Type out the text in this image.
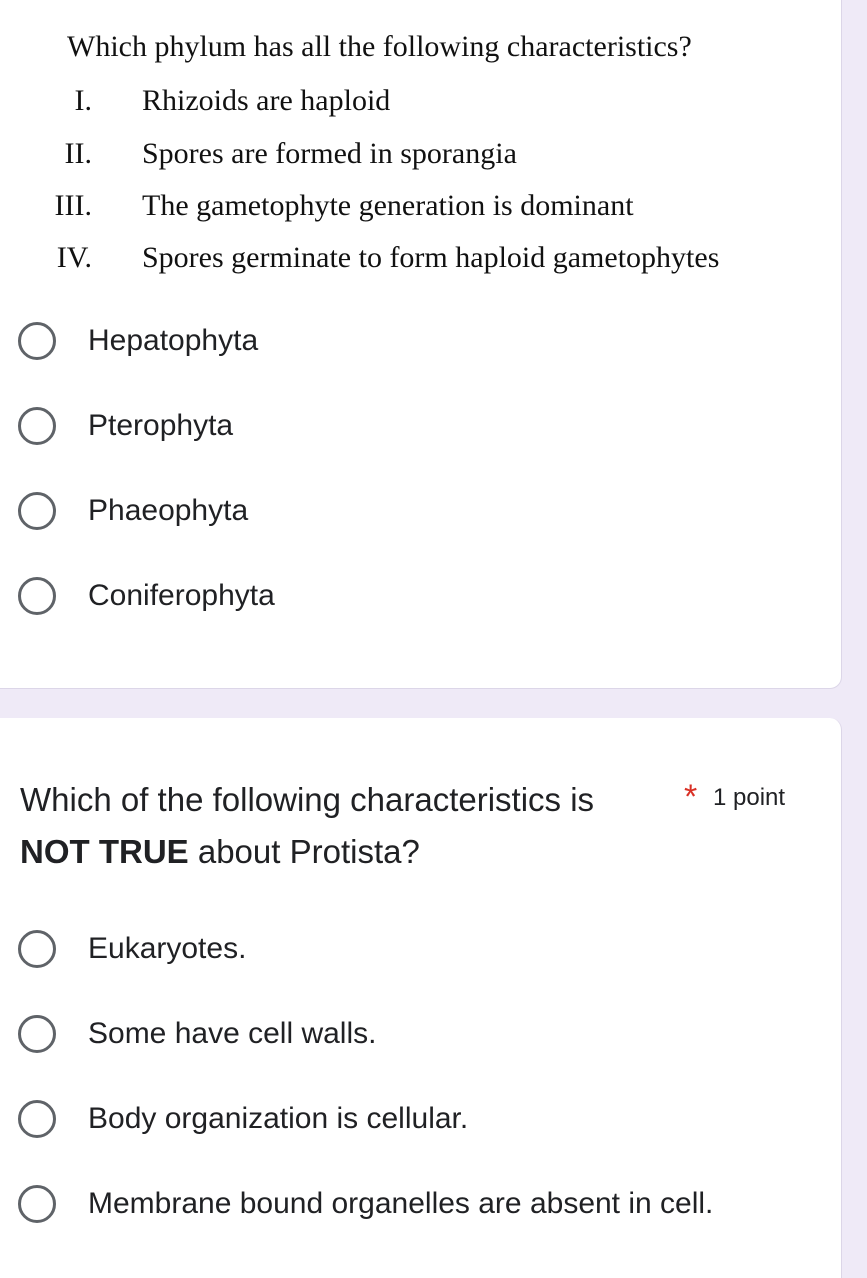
Which phylum has all the following characteristics?
I. Rhizoids are haploid
II. Spores are formed in sporangia
III. The gametophyte generation is dominant
IV. Spores germinate to form haploid gametophytes
Hepatophyta
Pterophyta
Phaeophyta
Coniferophyta
Which of the following characteristics is
NOT TRUE about Protista?
* 1 point
Eukaryotes.
Some have cell walls.
Body organization is cellular.
Membrane bound organelles are absent in cell.
